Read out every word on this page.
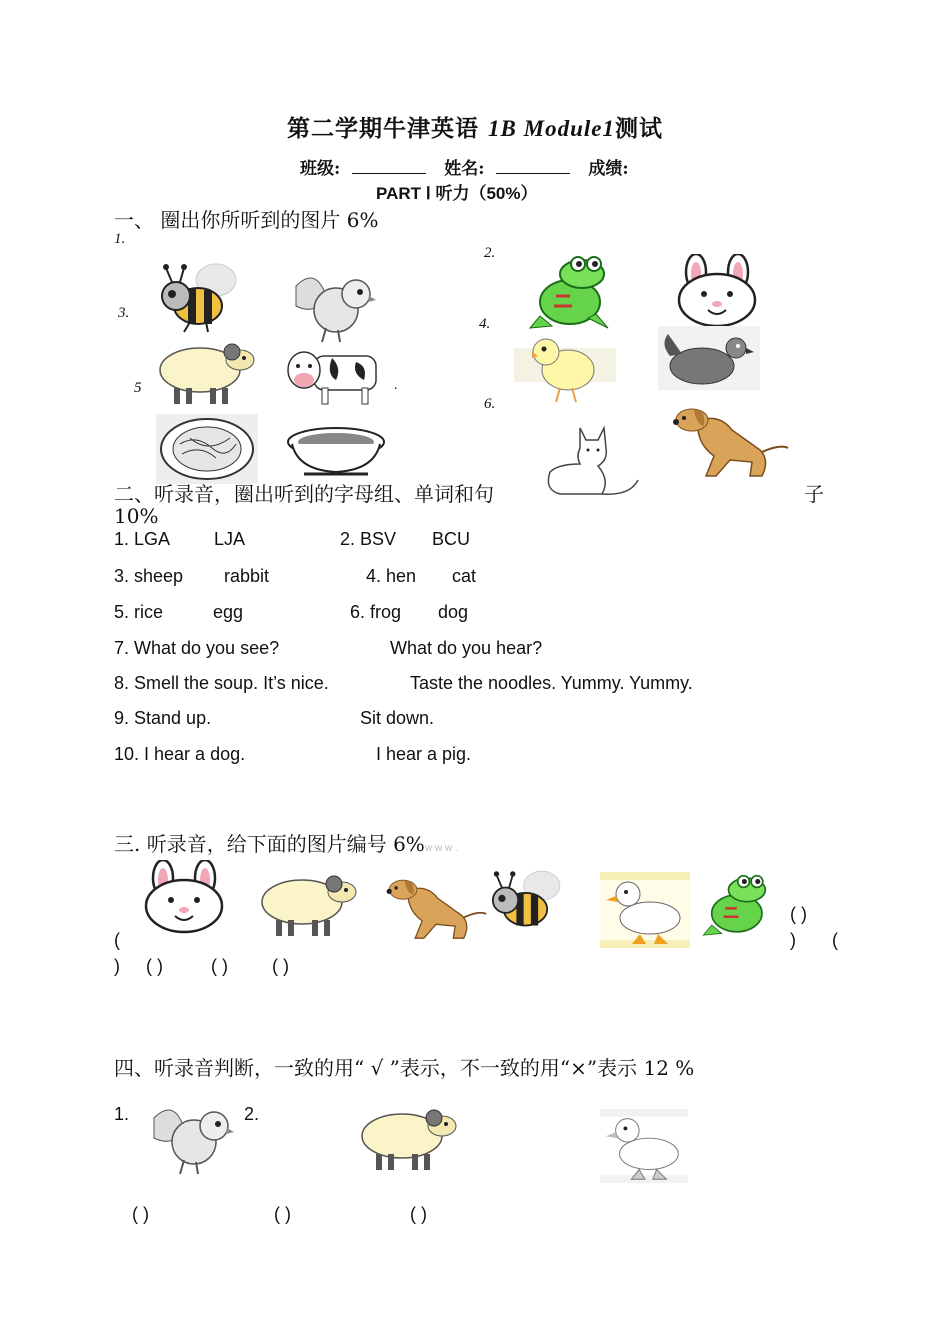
第二学期牛津英语 1B Module1测试
班级:	姓名:	成绩:
PART Ⅰ 听力（50%）
一、 圈出你所听到的图片 6%
1.
2.
3.
4.
5
6.
.
二、听录音，圈出听到的字母组、单词和句	子
10%
1. LGA LJA	2. BSV BCU
3. sheep rabbit	4. hen cat
5. rice	egg	6. frog dog
7. What do you see?	What do you hear?
8. Smell the soup. It’s nice.	Taste the noodles. Yummy. Yummy.
9. Stand up.	Sit down.
10. I hear a dog.	I hear a pig.
三. 听录音，给下面的图片编号 6%w w w .
( )
(	) (
) ( )	( ) ( )
四、听录音判断，一致的用“ √ ”表示，不一致的用“×”表示 12 %
1.	2.
( )	( )	( )
